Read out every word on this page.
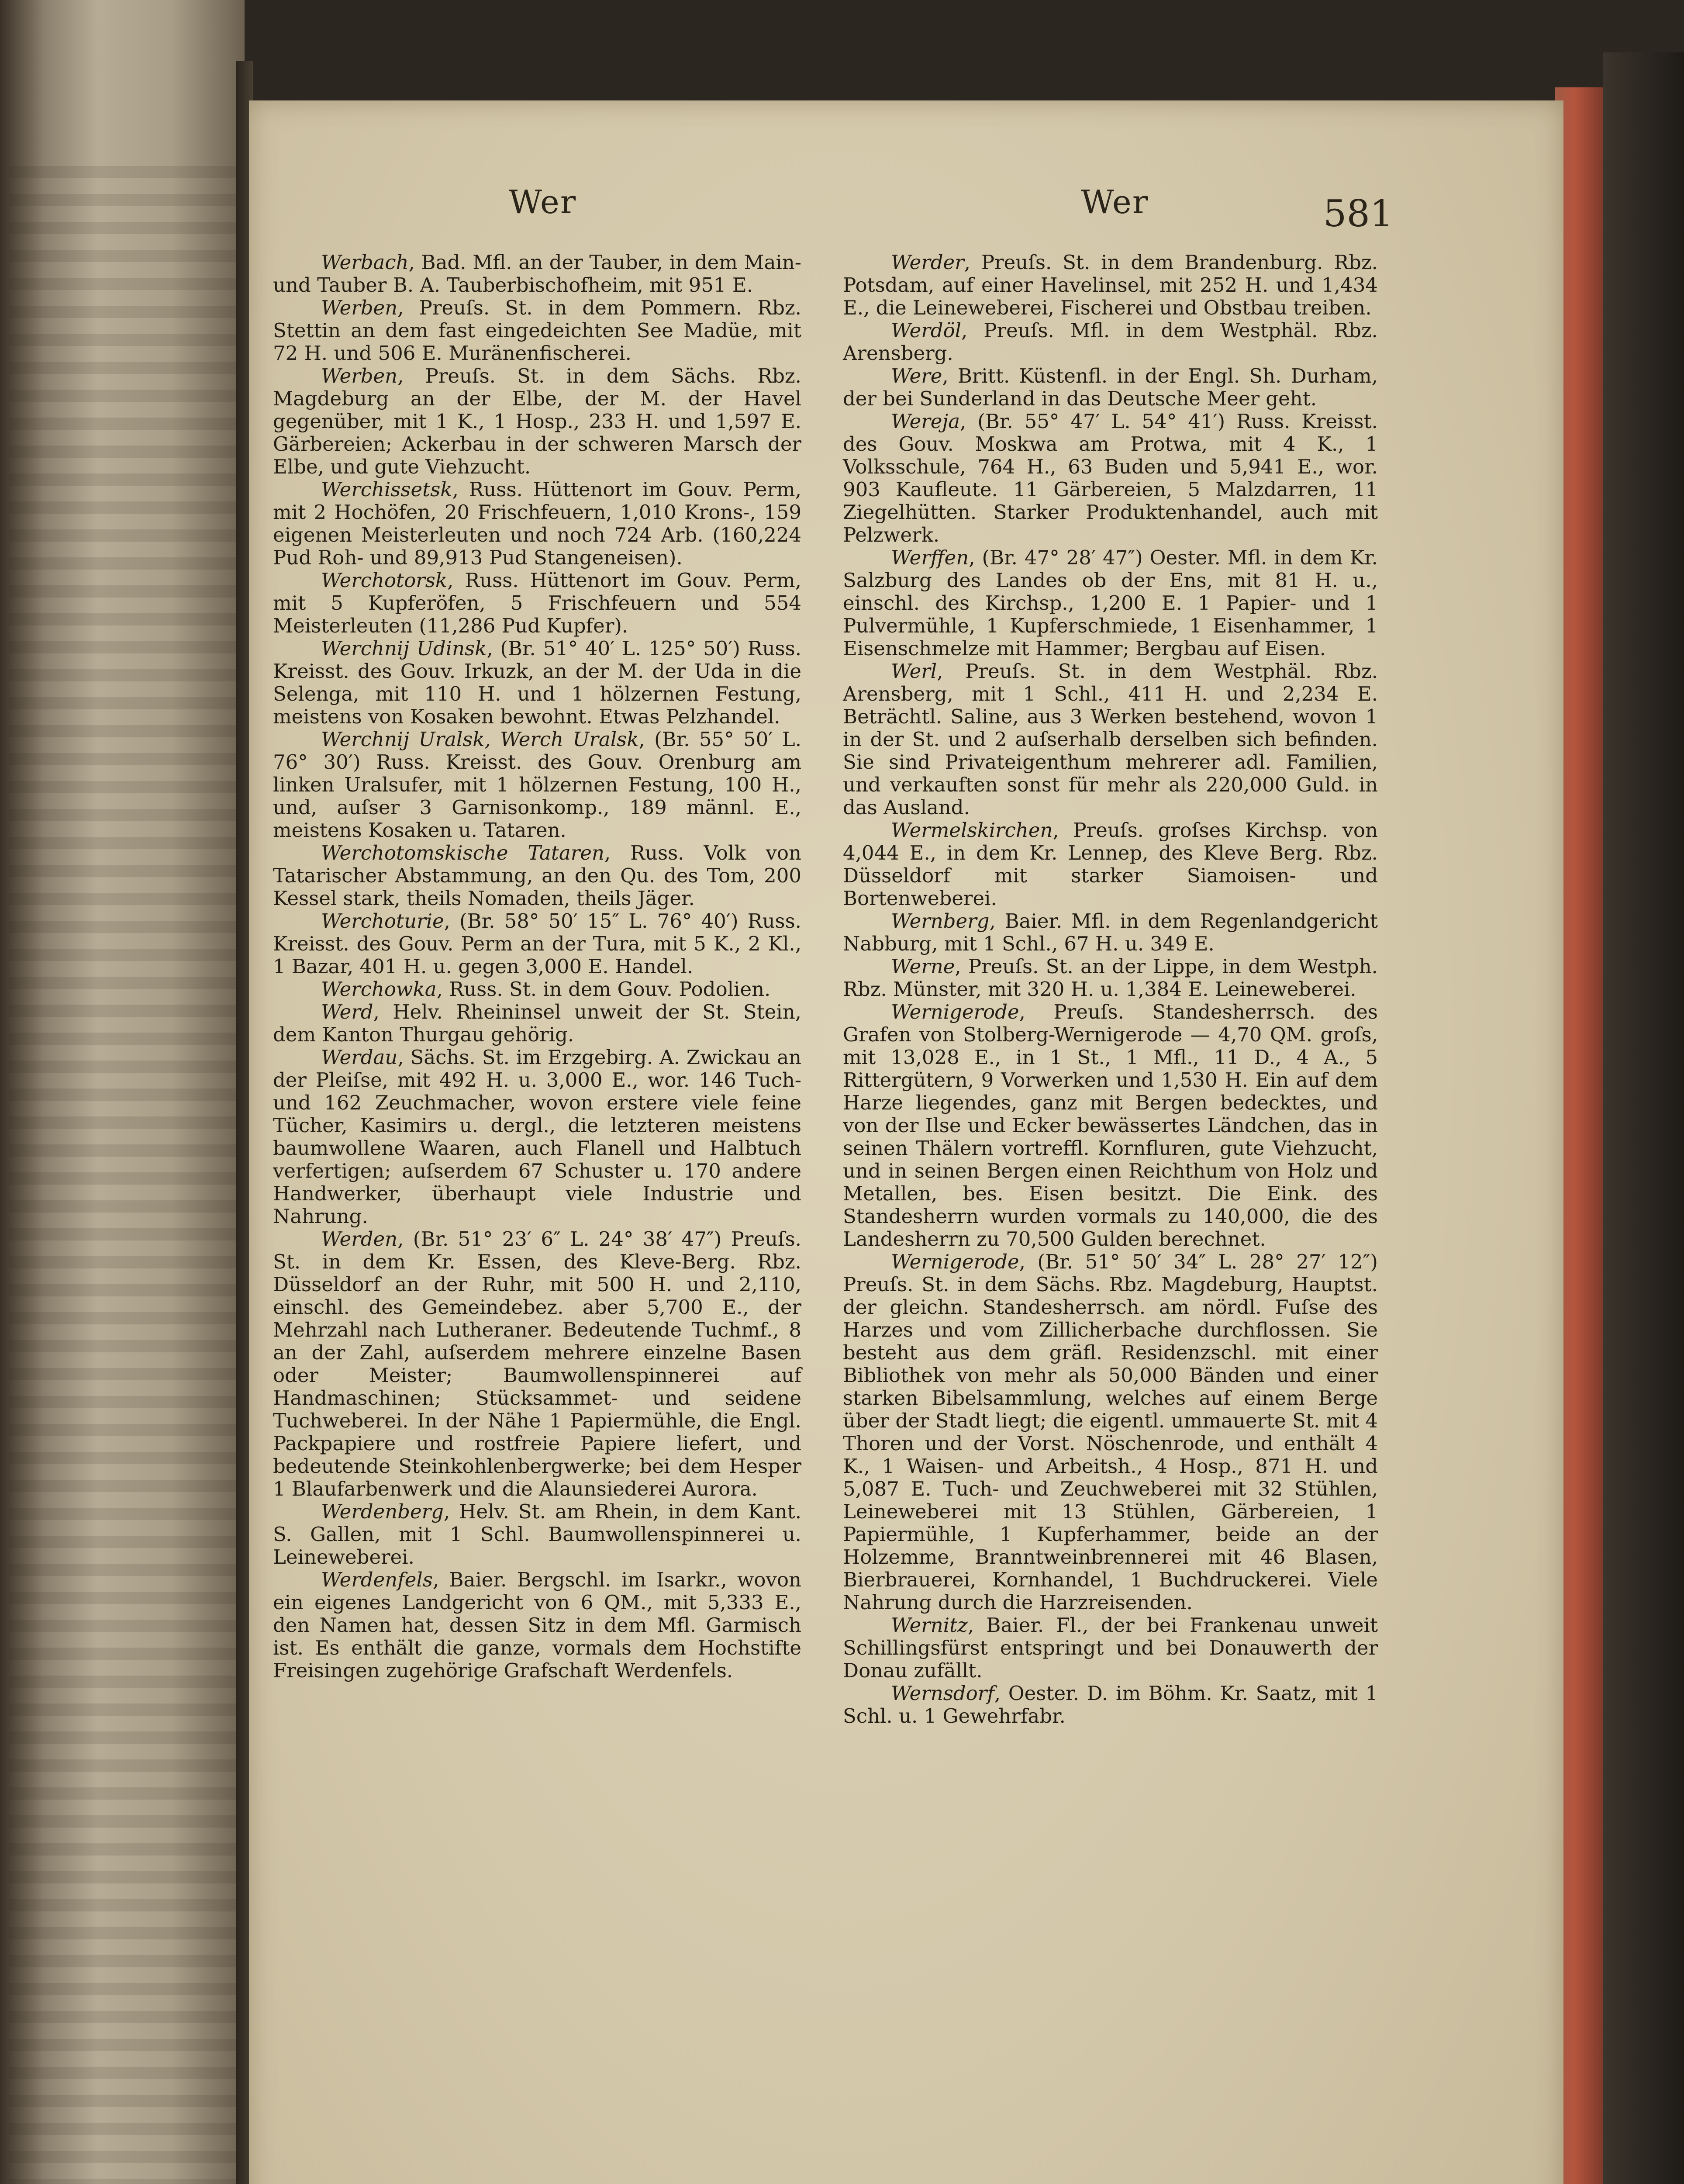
Wer	Wer	581

Werbach, Bad. Mfl. an der Tauber, in dem Main- und Tauber B. A. Tauberbischofheim, mit 951 E.

Werben, Preuſs. St. in dem Pommern. Rbz. Stettin an dem fast eingedeichten See Madüe, mit 72 H. und 506 E. Muränenfischerei.

Werben, Preuſs. St. in dem Sächs. Rbz. Magdeburg an der Elbe, der M. der Havel gegenüber, mit 1 K., 1 Hosp., 233 H. und 1,597 E. Gärbereien; Ackerbau in der schweren Marsch der Elbe, und gute Viehzucht.

Werchissetsk, Russ. Hüttenort im Gouv. Perm, mit 2 Hochöfen, 20 Frischfeuern, 1,010 Krons-, 159 eigenen Meisterleuten und noch 724 Arb. (160,224 Pud Roh- und 89,913 Pud Stangeneisen).

Werchotorsk, Russ. Hüttenort im Gouv. Perm, mit 5 Kupferöfen, 5 Frischfeuern und 554 Meisterleuten (11,286 Pud Kupfer).

Werchnij Udinsk, (Br. 51° 40′ L. 125° 50′) Russ. Kreisst. des Gouv. Irkuzk, an der M. der Uda in die Selenga, mit 110 H. und 1 hölzernen Festung, meistens von Kosaken bewohnt. Etwas Pelzhandel.

Werchnij Uralsk, Werch Uralsk, (Br. 55° 50′ L. 76° 30′) Russ. Kreisst. des Gouv. Orenburg am linken Uralsufer, mit 1 hölzernen Festung, 100 H., und, auſser 3 Garnisonkomp., 189 männl. E., meistens Kosaken u. Tataren.

Werchotomskische Tataren, Russ. Volk von Tatarischer Abstammung, an den Qu. des Tom, 200 Kessel stark, theils Nomaden, theils Jäger.

Werchoturie, (Br. 58° 50′ 15″ L. 76° 40′) Russ. Kreisst. des Gouv. Perm an der Tura, mit 5 K., 2 Kl., 1 Bazar, 401 H. u. gegen 3,000 E. Handel.

Werchowka, Russ. St. in dem Gouv. Podolien.

Werd, Helv. Rheininsel unweit der St. Stein, dem Kanton Thurgau gehörig.

Werdau, Sächs. St. im Erzgebirg. A. Zwickau an der Pleiſse, mit 492 H. u. 3,000 E., wor. 146 Tuch- und 162 Zeuchmacher, wovon erstere viele feine Tücher, Kasimirs u. dergl., die letzteren meistens baumwollene Waaren, auch Flanell und Halbtuch verfertigen; auſserdem 67 Schuster u. 170 andere Handwerker, überhaupt viele Industrie und Nahrung.

Werden, (Br. 51° 23′ 6″ L. 24° 38′ 47″) Preuſs. St. in dem Kr. Essen, des Kleve-Berg. Rbz. Düsseldorf an der Ruhr, mit 500 H. und 2,110, einschl. des Gemeindebez. aber 5,700 E., der Mehrzahl nach Lutheraner. Bedeutende Tuchmf., 8 an der Zahl, auſserdem mehrere einzelne Basen oder Meister; Baumwollenspinnerei auf Handmaschinen; Stücksammet- und seidene Tuchweberei. In der Nähe 1 Papiermühle, die Engl. Packpapiere und rostfreie Papiere liefert, und bedeutende Steinkohlenbergwerke; bei dem Hesper 1 Blaufarbenwerk und die Alaunsiederei Aurora.

Werdenberg, Helv. St. am Rhein, in dem Kant. S. Gallen, mit 1 Schl. Baumwollenspinnerei u. Leineweberei.

Werdenfels, Baier. Bergschl. im Isarkr., wovon ein eigenes Landgericht von 6 QM., mit 5,333 E., den Namen hat, dessen Sitz in dem Mfl. Garmisch ist. Es enthält die ganze, vormals dem Hochstifte Freisingen zugehörige Grafschaft Werdenfels.

Werder, Preuſs. St. in dem Brandenburg. Rbz. Potsdam, auf einer Havelinsel, mit 252 H. und 1,434 E., die Leineweberei, Fischerei und Obstbau treiben.

Werdöl, Preuſs. Mfl. in dem Westphäl. Rbz. Arensberg.

Were, Britt. Küstenfl. in der Engl. Sh. Durham, der bei Sunderland in das Deutsche Meer geht.

Wereja, (Br. 55° 47′ L. 54° 41′) Russ. Kreisst. des Gouv. Moskwa am Protwa, mit 4 K., 1 Volksschule, 764 H., 63 Buden und 5,941 E., wor. 903 Kaufleute. 11 Gärbereien, 5 Malzdarren, 11 Ziegelhütten. Starker Produktenhandel, auch mit Pelzwerk.

Werffen, (Br. 47° 28′ 47″) Oester. Mfl. in dem Kr. Salzburg des Landes ob der Ens, mit 81 H. u., einschl. des Kirchsp., 1,200 E. 1 Papier- und 1 Pulvermühle, 1 Kupferschmiede, 1 Eisenhammer, 1 Eisenschmelze mit Hammer; Bergbau auf Eisen.

Werl, Preuſs. St. in dem Westphäl. Rbz. Arensberg, mit 1 Schl., 411 H. und 2,234 E. Beträchtl. Saline, aus 3 Werken bestehend, wovon 1 in der St. und 2 auſserhalb derselben sich befinden. Sie sind Privateigenthum mehrerer adl. Familien, und verkauften sonst für mehr als 220,000 Guld. in das Ausland.

Wermelskirchen, Preuſs. groſses Kirchsp. von 4,044 E., in dem Kr. Lennep, des Kleve Berg. Rbz. Düsseldorf mit starker Siamoisen- und Bortenweberei.

Wernberg, Baier. Mfl. in dem Regenlandgericht Nabburg, mit 1 Schl., 67 H. u. 349 E.

Werne, Preuſs. St. an der Lippe, in dem Westph. Rbz. Münster, mit 320 H. u. 1,384 E. Leineweberei.

Wernigerode, Preuſs. Standesherrsch. des Grafen von Stolberg-Wernigerode — 4,70 QM. groſs, mit 13,028 E., in 1 St., 1 Mfl., 11 D., 4 A., 5 Rittergütern, 9 Vorwerken und 1,530 H. Ein auf dem Harze liegendes, ganz mit Bergen bedecktes, und von der Ilse und Ecker bewässertes Ländchen, das in seinen Thälern vortreffl. Kornfluren, gute Viehzucht, und in seinen Bergen einen Reichthum von Holz und Metallen, bes. Eisen besitzt. Die Eink. des Standesherrn wurden vormals zu 140,000, die des Landesherrn zu 70,500 Gulden berechnet.

Wernigerode, (Br. 51° 50′ 34″ L. 28° 27′ 12″) Preuſs. St. in dem Sächs. Rbz. Magdeburg, Hauptst. der gleichn. Standesherrsch. am nördl. Fuſse des Harzes und vom Zillicherbache durchflossen. Sie besteht aus dem gräfl. Residenzschl. mit einer Bibliothek von mehr als 50,000 Bänden und einer starken Bibelsammlung, welches auf einem Berge über der Stadt liegt; die eigentl. ummauerte St. mit 4 Thoren und der Vorst. Nöschenrode, und enthält 4 K., 1 Waisen- und Arbeitsh., 4 Hosp., 871 H. und 5,087 E. Tuch- und Zeuchweberei mit 32 Stühlen, Leineweberei mit 13 Stühlen, Gärbereien, 1 Papiermühle, 1 Kupferhammer, beide an der Holzemme, Branntweinbrennerei mit 46 Blasen, Bierbrauerei, Kornhandel, 1 Buchdruckerei. Viele Nahrung durch die Harzreisenden.

Wernitz, Baier. Fl., der bei Frankenau unweit Schillingsfürst entspringt und bei Donauwerth der Donau zufällt.

Wernsdorf, Oester. D. im Böhm. Kr. Saatz, mit 1 Schl. u. 1 Gewehrfabr.
